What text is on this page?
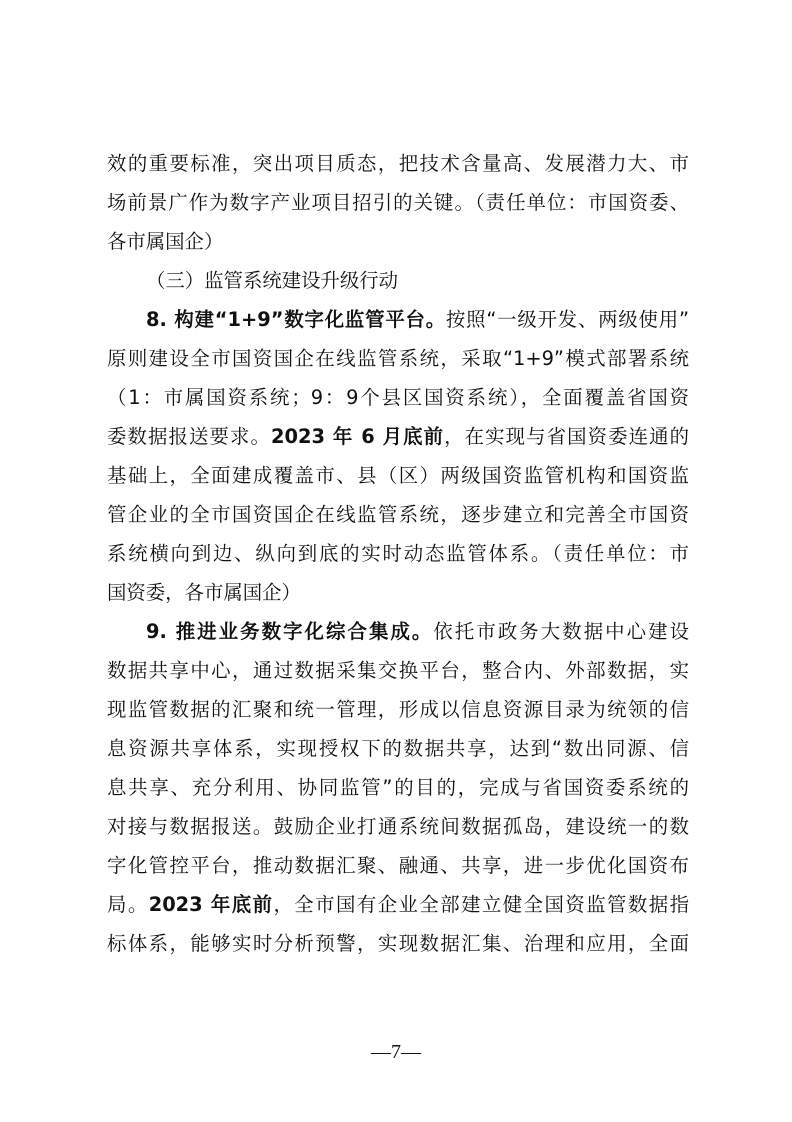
效的重要标准，突出项目质态，把技术含量高、发展潜力大、市
场前景广作为数字产业项目招引的关键。（责任单位：市国资委、
各市属国企）
（三）监管系统建设升级行动
8. 构建“1+9”数字化监管平台。按照“一级开发、两级使用”
原则建设全市国资国企在线监管系统，采取“1+9”模式部署系统
（1：市属国资系统；9：9个县区国资系统），全面覆盖省国资
委数据报送要求。2023 年 6 月底前，在实现与省国资委连通的
基础上，全面建成覆盖市、县（区）两级国资监管机构和国资监
管企业的全市国资国企在线监管系统，逐步建立和完善全市国资
系统横向到边、纵向到底的实时动态监管体系。（责任单位：市
国资委，各市属国企）
9. 推进业务数字化综合集成。依托市政务大数据中心建设
数据共享中心，通过数据采集交换平台，整合内、外部数据，实
现监管数据的汇聚和统一管理，形成以信息资源目录为统领的信
息资源共享体系，实现授权下的数据共享，达到“数出同源、信
息共享、充分利用、协同监管”的目的，完成与省国资委系统的
对接与数据报送。鼓励企业打通系统间数据孤岛，建设统一的数
字化管控平台，推动数据汇聚、融通、共享，进一步优化国资布
局。2023 年底前，全市国有企业全部建立健全国资监管数据指
标体系，能够实时分析预警，实现数据汇集、治理和应用，全面
—7—
